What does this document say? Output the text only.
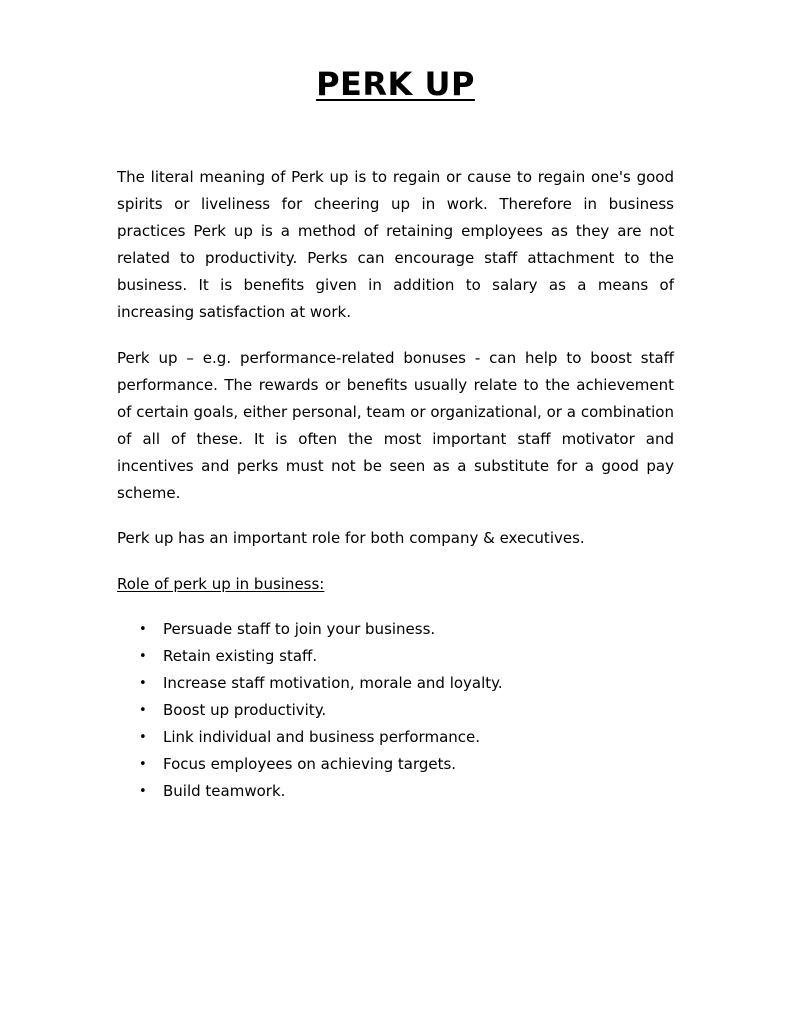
PERK UP

The literal meaning of Perk up is to regain or cause to regain one's good spirits or liveliness for cheering up in work. Therefore in business practices Perk up is a method of retaining employees as they are not related to productivity. Perks can encourage staff attachment to the business. It is benefits given in addition to salary as a means of increasing satisfaction at work.

Perk up – e.g. performance-related bonuses - can help to boost staff performance. The rewards or benefits usually relate to the achievement of certain goals, either personal, team or organizational, or a combination of all of these. It is often the most important staff motivator and incentives and perks must not be seen as a substitute for a good pay scheme.

Perk up has an important role for both company & executives.

Role of perk up in business:

• Persuade staff to join your business.
• Retain existing staff.
• Increase staff motivation, morale and loyalty.
• Boost up productivity.
• Link individual and business performance.
• Focus employees on achieving targets.
• Build teamwork.
